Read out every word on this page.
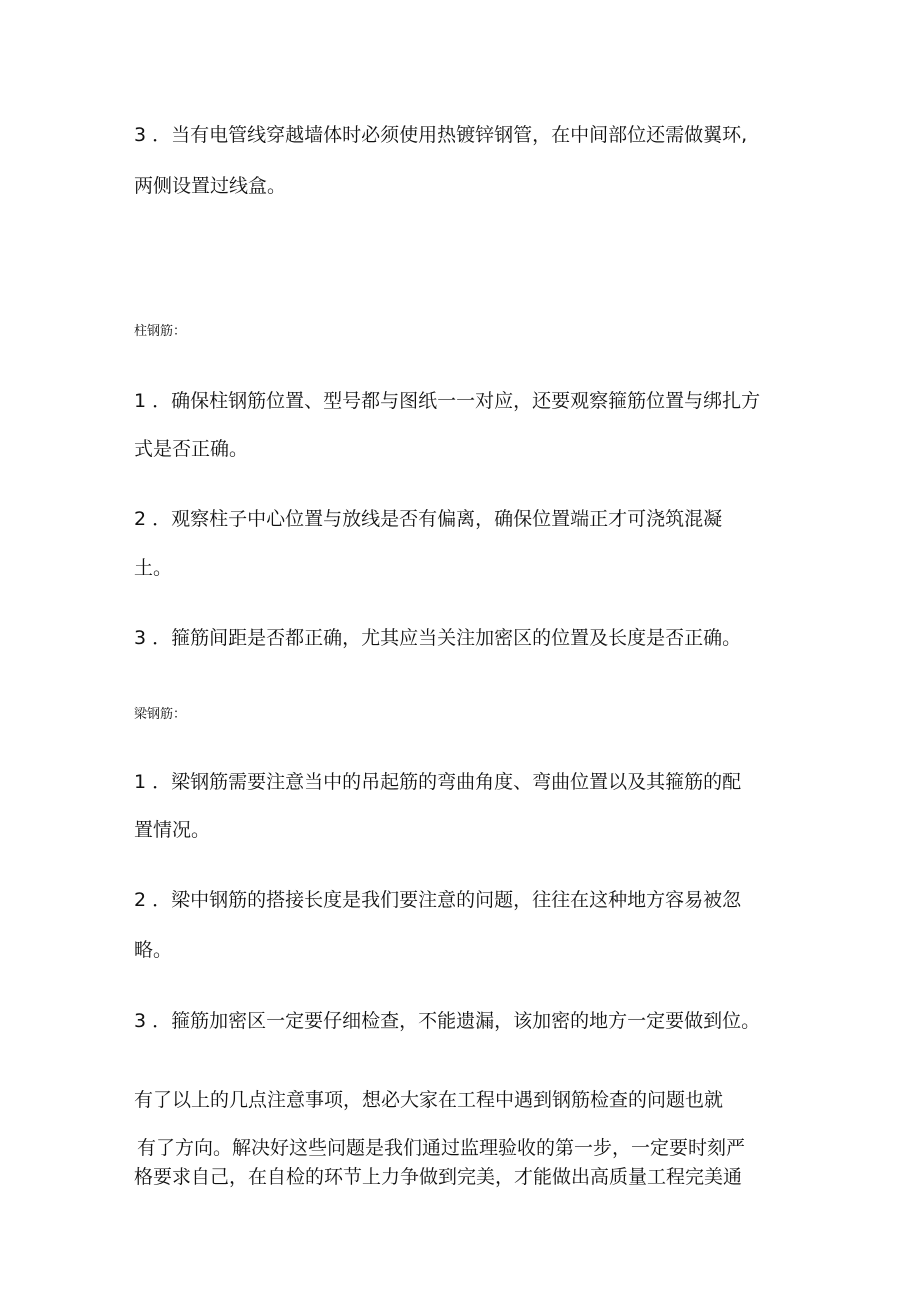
3 ．当有电管线穿越墙体时必须使用热镀锌钢管，在中间部位还需做翼环,

两侧设置过线盒。

柱钢筋：

1 ．确保柱钢筋位置、型号都与图纸一一对应，还要观察箍筋位置与绑扎方

式是否正确。

2 ．观察柱子中心位置与放线是否有偏离，确保位置端正才可浇筑混凝

土。

3 ．箍筋间距是否都正确，尤其应当关注加密区的位置及长度是否正确。

梁钢筋：

1 ．梁钢筋需要注意当中的吊起筋的弯曲角度、弯曲位置以及其箍筋的配

置情况。

2 ．梁中钢筋的搭接长度是我们要注意的问题，往往在这种地方容易被忽

略。

3 ．箍筋加密区一定要仔细检查，不能遗漏，该加密的地方一定要做到位。

有了以上的几点注意事项，想必大家在工程中遇到钢筋检查的问题也就

有了方向。解决好这些问题是我们通过监理验收的第一步，一定要时刻严

格要求自己，在自检的环节上力争做到完美，才能做出高质量工程完美通
